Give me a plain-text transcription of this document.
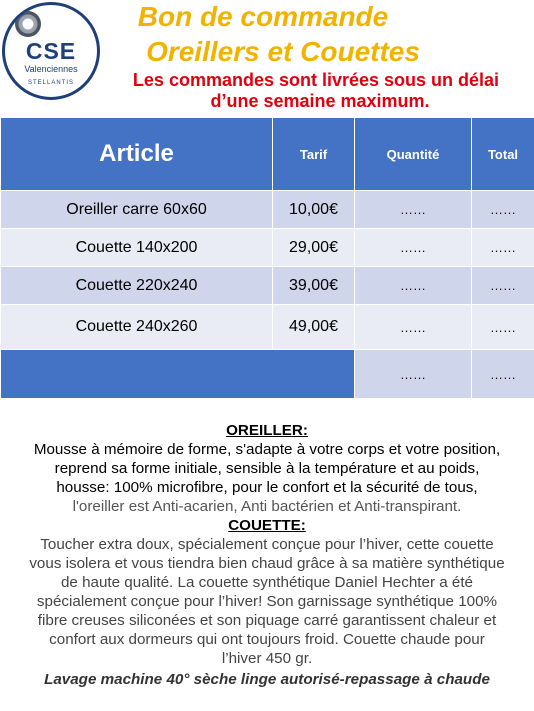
CSE
Valenciennes
STELLANTIS
Bon de commande
Oreillers et Couettes
Les commandes sont livrées sous un délai
d’une semaine maximum.
Article	Tarif	Quantité	Total
Oreiller carre 60x60	10,00€	……	……
Couette 140x200	29,00€	……	……
Couette 220x240	39,00€	……	……
Couette 240x260	49,00€	……	……
		……	……
OREILLER:
Mousse à mémoire de forme, s'adapte à votre corps et votre position,
reprend sa forme initiale, sensible à la température et au poids,
housse: 100% microfibre, pour le confort et la sécurité de tous,
l'oreiller est Anti-acarien, Anti bactérien et Anti-transpirant.
COUETTE:
Toucher extra doux, spécialement conçue pour l’hiver, cette couette
vous isolera et vous tiendra bien chaud grâce à sa matière synthétique
de haute qualité. La couette synthétique Daniel Hechter a été
spécialement conçue pour l’hiver! Son garnissage synthétique 100%
fibre creuses siliconées et son piquage carré garantissent chaleur et
confort aux dormeurs qui ont toujours froid. Couette chaude pour
l’hiver 450 gr.
Lavage machine 40° sèche linge autorisé-repassage à chaude
